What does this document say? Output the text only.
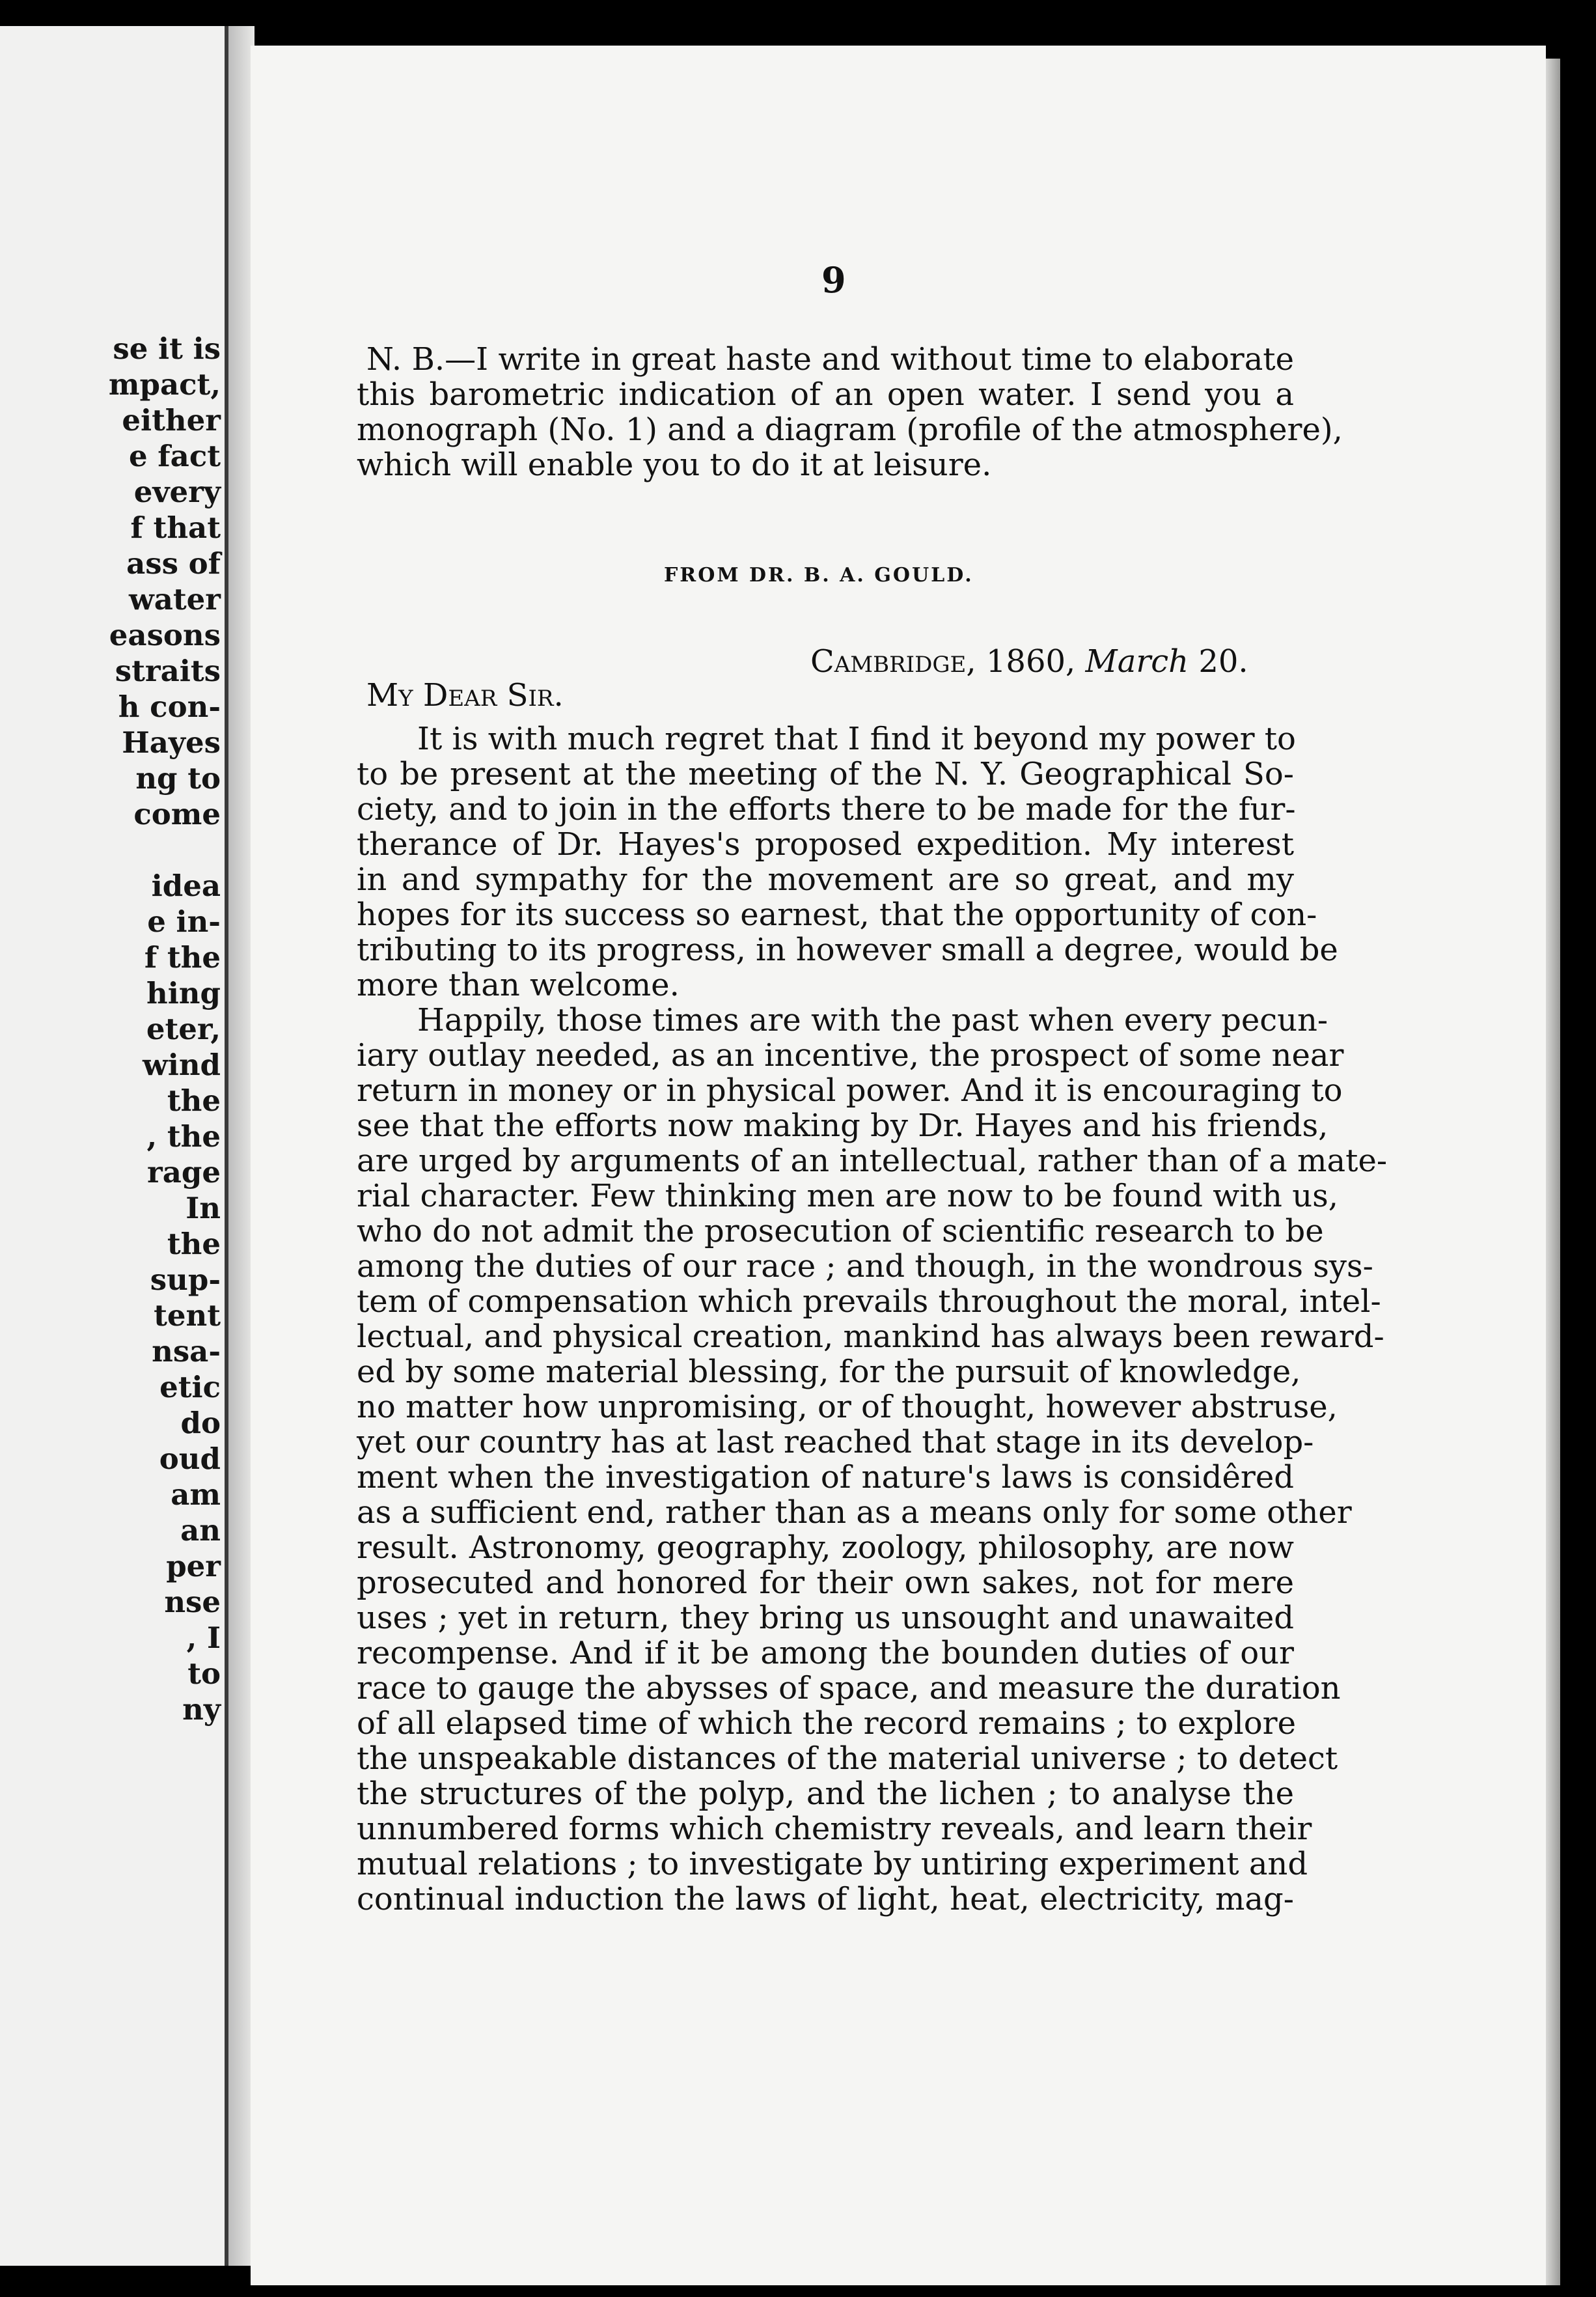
se it is
mpact,
either
e fact
every
f that
ass of
water
easons
straits
h con-
Hayes
ng to
come
idea
e in-
f the
hing
eter,
wind
the
, the
rage
In
the
sup-
tent
nsa-
etic
do
oud
am
an
per
nse
, I
to
ny
9
N. B.—I write in great haste and without time to elaborate
this barometric indication of an open water. I send you a
monograph (No. 1) and a diagram (profile of the atmosphere),
which will enable you to do it at leisure.
FROM DR. B. A. GOULD.
Cambridge, 1860, March 20.
My Dear Sir.
It is with much regret that I find it beyond my power to
to be present at the meeting of the N. Y. Geographical So-
ciety, and to join in the efforts there to be made for the fur-
therance of Dr. Hayes's proposed expedition. My interest
in and sympathy for the movement are so great, and my
hopes for its success so earnest, that the opportunity of con-
tributing to its progress, in however small a degree, would be
more than welcome.
Happily, those times are with the past when every pecun-
iary outlay needed, as an incentive, the prospect of some near
return in money or in physical power. And it is encouraging to
see that the efforts now making by Dr. Hayes and his friends,
are urged by arguments of an intellectual, rather than of a mate-
rial character. Few thinking men are now to be found with us,
who do not admit the prosecution of scientific research to be
among the duties of our race ; and though, in the wondrous sys-
tem of compensation which prevails throughout the moral, intel-
lectual, and physical creation, mankind has always been reward-
ed by some material blessing, for the pursuit of knowledge,
no matter how unpromising, or of thought, however abstruse,
yet our country has at last reached that stage in its develop-
ment when the investigation of nature's laws is considêred
as a sufficient end, rather than as a means only for some other
result. Astronomy, geography, zoology, philosophy, are now
prosecuted and honored for their own sakes, not for mere
uses ; yet in return, they bring us unsought and unawaited
recompense. And if it be among the bounden duties of our
race to gauge the abysses of space, and measure the duration
of all elapsed time of which the record remains ; to explore
the unspeakable distances of the material universe ; to detect
the structures of the polyp, and the lichen ; to analyse the
unnumbered forms which chemistry reveals, and learn their
mutual relations ; to investigate by untiring experiment and
continual induction the laws of light, heat, electricity, mag-
